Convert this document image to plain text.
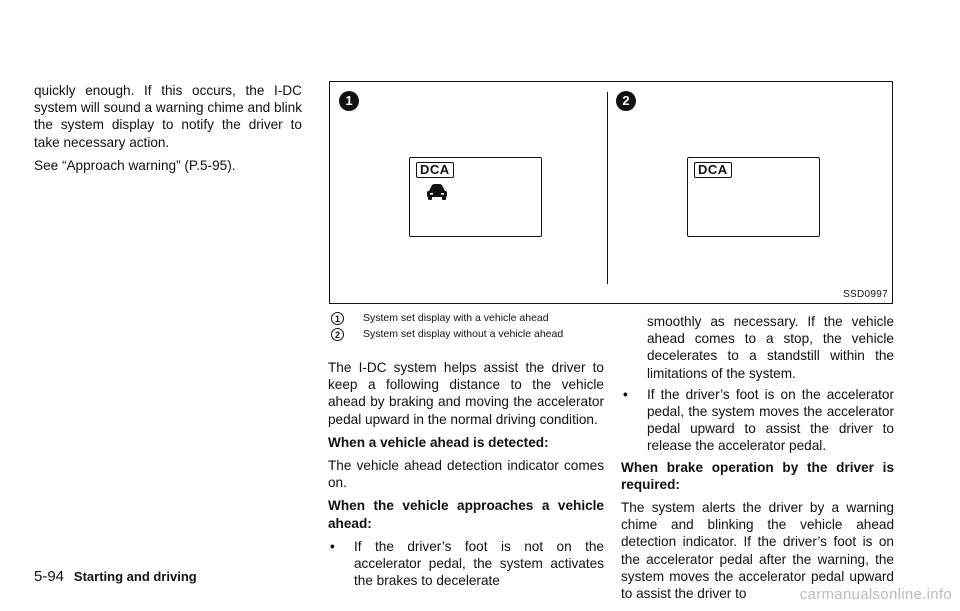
quickly enough. If this occurs, the I-DC system will sound a warning chime and blink the system display to notify the driver to take necessary action.

See “Approach warning” (P.5-95).

1
DCA
2
DCA
SSD0997
1	System set display with a vehicle ahead
2	System set display without a vehicle ahead

The I-DC system helps assist the driver to keep a following distance to the vehicle ahead by braking and moving the accelerator pedal upward in the normal driving condition.

When a vehicle ahead is detected:

The vehicle ahead detection indicator comes on.

When the vehicle approaches a vehicle ahead:

• If the driver’s foot is not on the accelerator pedal, the system activates the brakes to decelerate
smoothly as necessary. If the vehicle ahead comes to a stop, the vehicle decelerates to a standstill within the limitations of the system.
• If the driver’s foot is on the accelerator pedal, the system moves the accelerator pedal upward to assist the driver to release the accelerator pedal.

When brake operation by the driver is required:

The system alerts the driver by a warning chime and blinking the vehicle ahead detection indicator. If the driver’s foot is on the accelerator pedal after the warning, the system moves the accelerator pedal upward to assist the driver to

5-94 Starting and driving
carmanualsonline.info
